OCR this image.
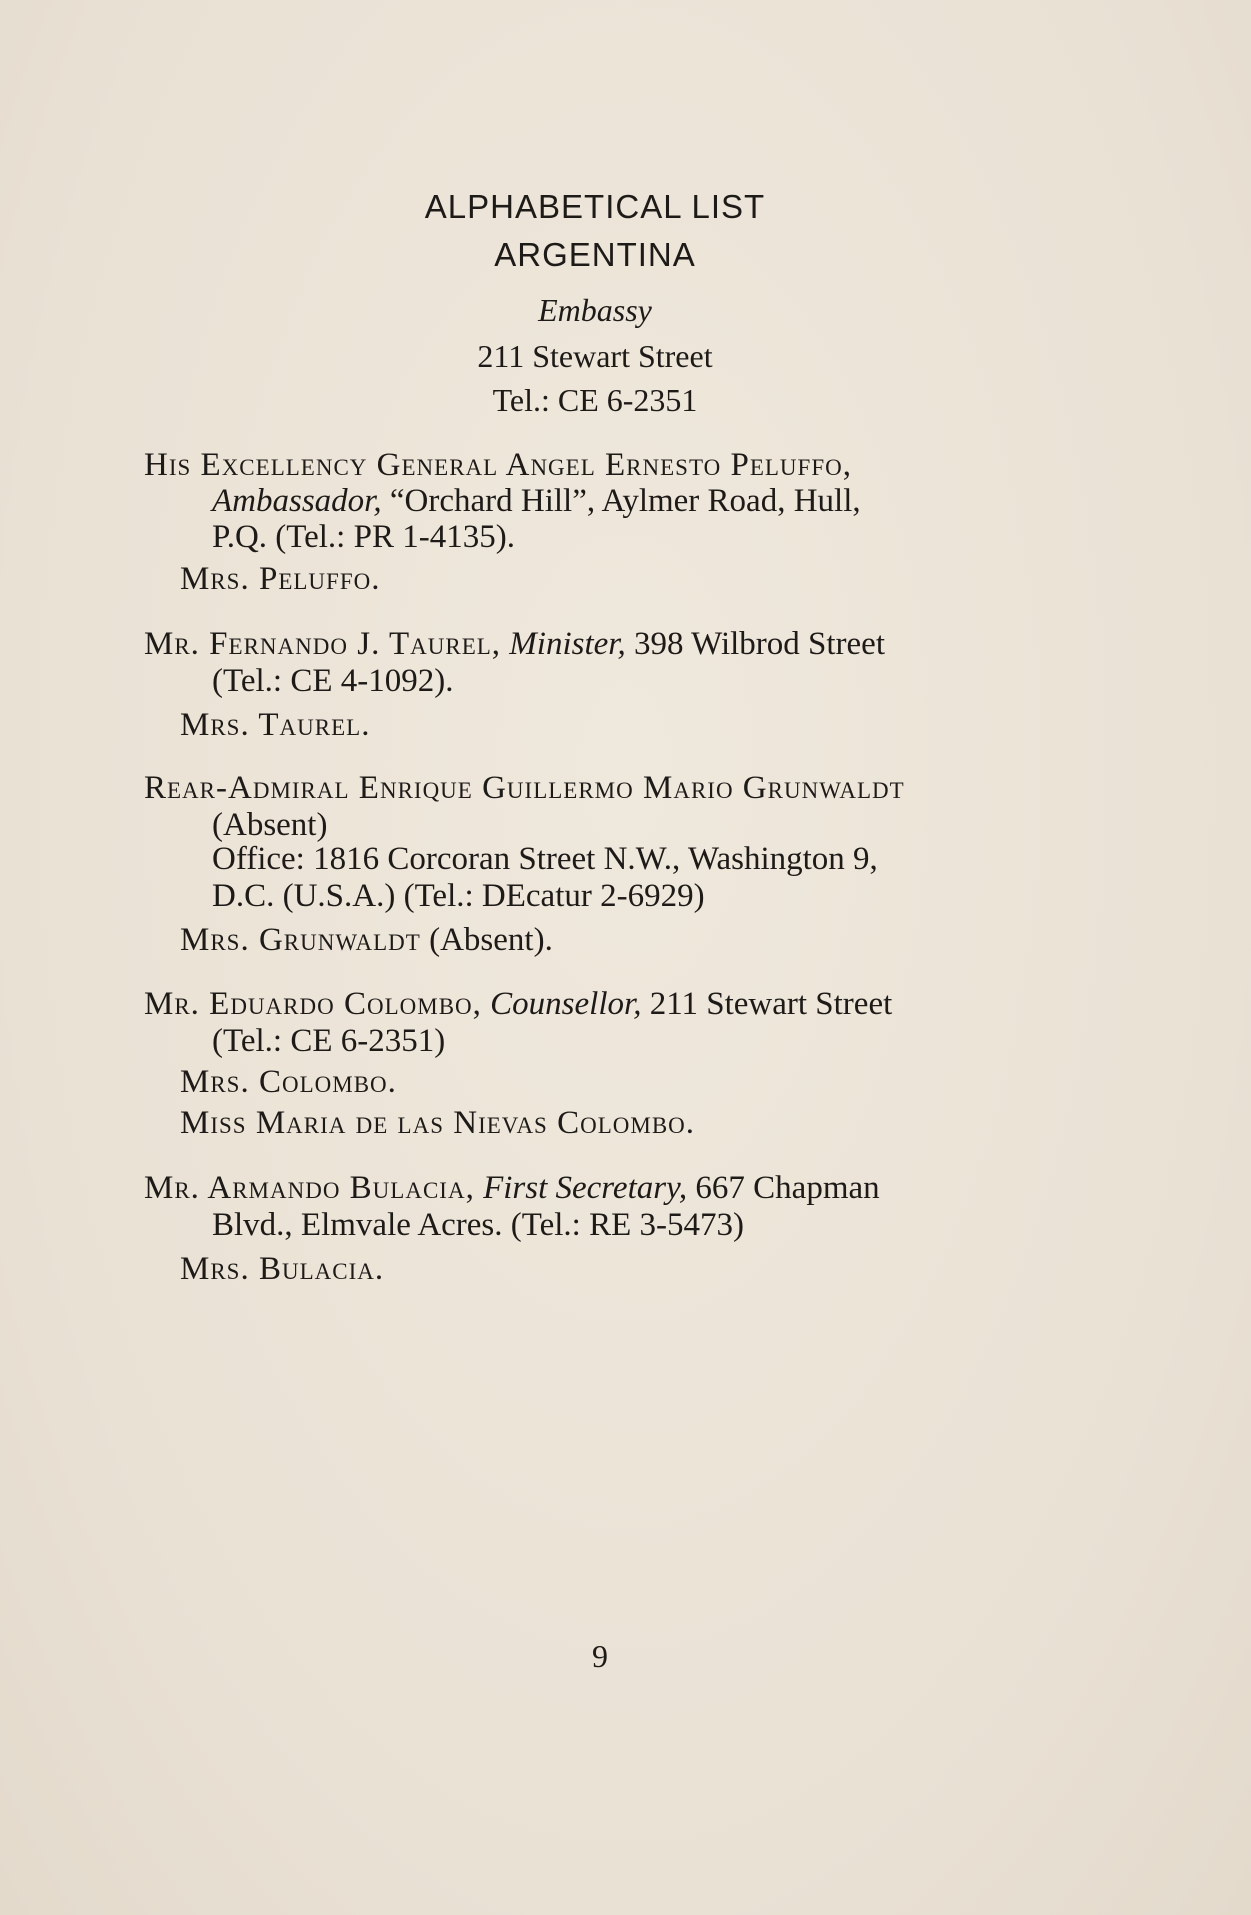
ALPHABETICAL LIST
ARGENTINA
Embassy
211 Stewart Street
Tel.: CE 6-2351
His Excellency General Angel Ernesto Peluffo,
Ambassador, “Orchard Hill”, Aylmer Road, Hull,
P.Q. (Tel.: PR 1-4135).
Mrs. Peluffo.
Mr. Fernando J. Taurel, Minister, 398 Wilbrod Street
(Tel.: CE 4-1092).
Mrs. Taurel.
Rear-Admiral Enrique Guillermo Mario Grunwaldt
(Absent)
Office: 1816 Corcoran Street N.W., Washington 9,
D.C. (U.S.A.) (Tel.: DEcatur 2-6929)
Mrs. Grunwaldt (Absent).
Mr. Eduardo Colombo, Counsellor, 211 Stewart Street
(Tel.: CE 6-2351)
Mrs. Colombo.
Miss Maria de las Nievas Colombo.
Mr. Armando Bulacia, First Secretary, 667 Chapman
Blvd., Elmvale Acres. (Tel.: RE 3-5473)
Mrs. Bulacia.
9
